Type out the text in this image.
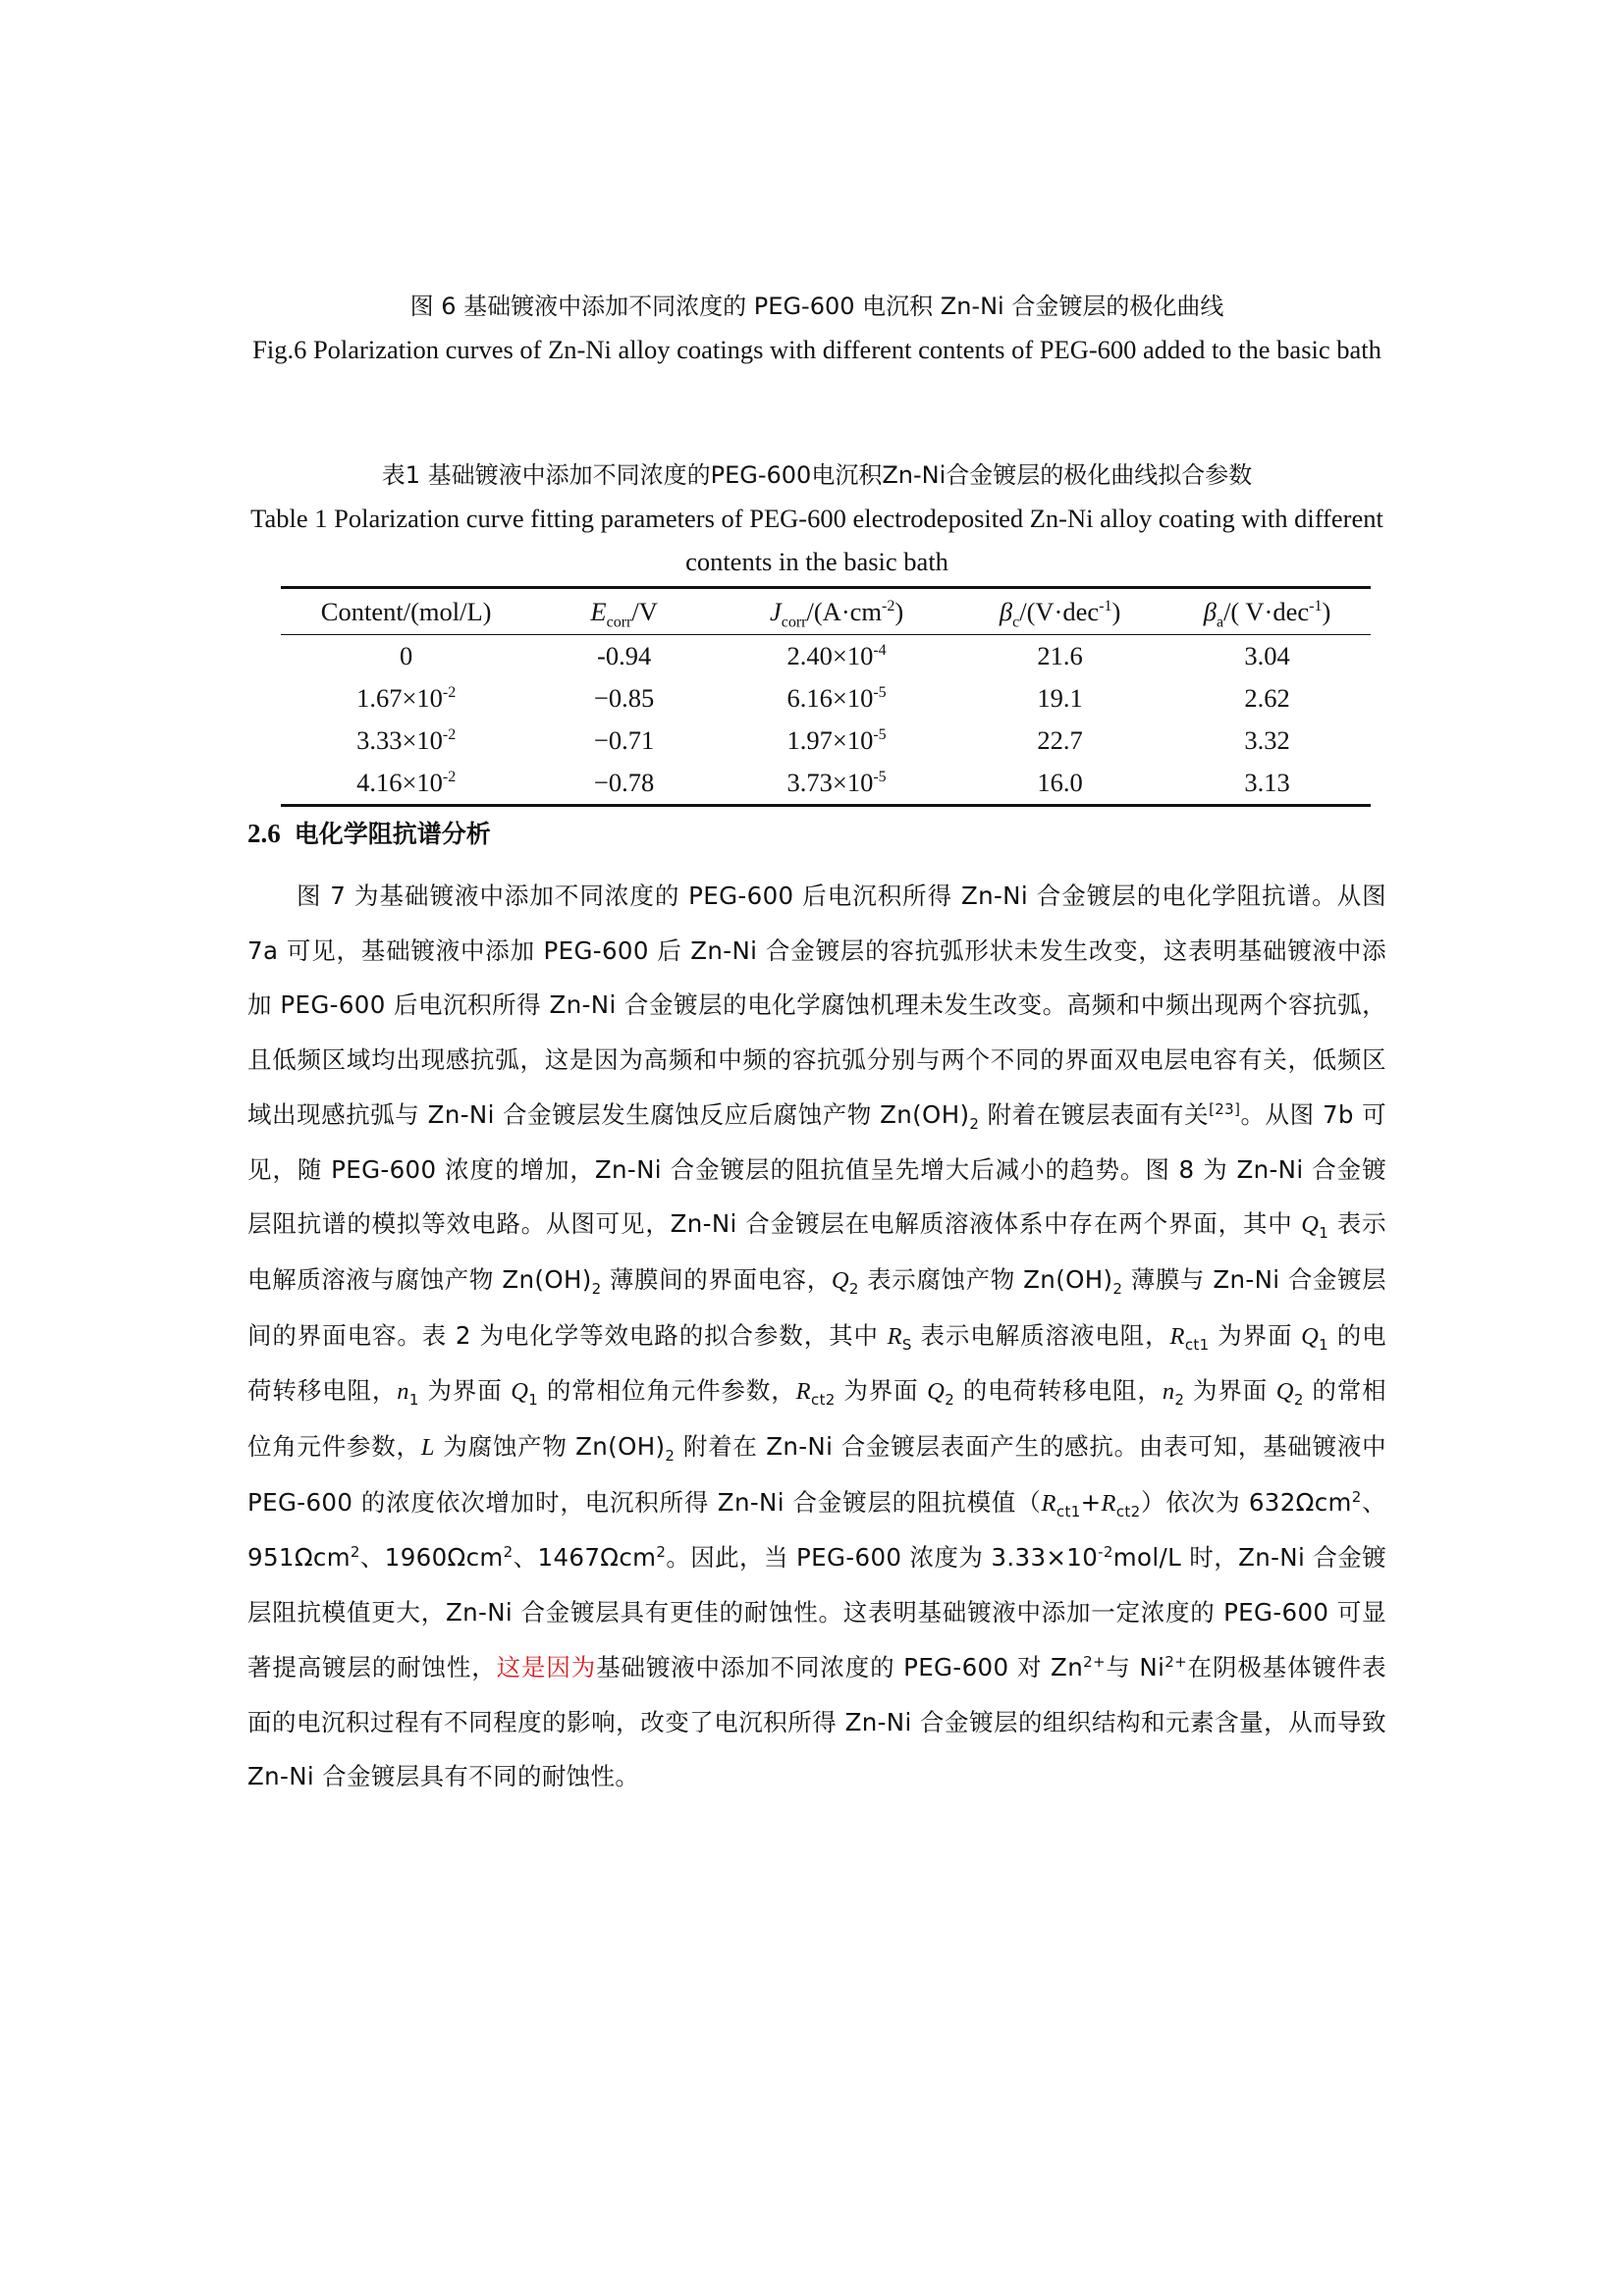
图 6 基础镀液中添加不同浓度的 PEG-600 电沉积 Zn-Ni 合金镀层的极化曲线

Fig.6 Polarization curves of Zn-Ni alloy coatings with different contents of PEG-600 added to the basic bath

表1 基础镀液中添加不同浓度的PEG-600电沉积Zn-Ni合金镀层的极化曲线拟合参数

Table 1 Polarization curve fitting parameters of PEG-600 electrodeposited Zn-Ni alloy coating with different contents in the basic bath

Content/(mol/L)	$E_{corr}/V$	$J_{corr}/(A\cdot cm^{-2})$	$\beta_c/(V\cdot dec^{-1})$	$\beta_a/$( V·dec$^{-1}$)
0	-0.94	$2.40\times 10^{-4}$	21.6	3.04
$1.67\times 10^{-2}$	−0.85	$6.16\times 10^{-5}$	19.1	2.62
$3.33\times 10^{-2}$	−0.71	$1.97\times 10^{-5}$	22.7	3.32
$4.16\times 10^{-2}$	−0.78	$3.73\times 10^{-5}$	16.0	3.13
2.6 电化学阻抗谱分析

图 7 为基础镀液中添加不同浓度的 PEG-600 后电沉积所得 Zn-Ni 合金镀层的电化学阻抗谱。从图 7a 可见，基础镀液中添加 PEG-600 后 Zn-Ni 合金镀层的容抗弧形状未发生改变，这表明基础镀液中添加 PEG-600 后电沉积所得 Zn-Ni 合金镀层的电化学腐蚀机理未发生改变。高频和中频出现两个容抗弧，且低频区域均出现感抗弧，这是因为高频和中频的容抗弧分别与两个不同的界面双电层电容有关，低频区域出现感抗弧与 Zn-Ni 合金镀层发生腐蚀反应后腐蚀产物 $Zn(OH)_2$ 附着在镀层表面有关[23]。从图 7b 可见，随 PEG-600 浓度的增加，Zn-Ni 合金镀层的阻抗值呈先增大后减小的趋势。图 8 为 Zn-Ni 合金镀层阻抗谱的模拟等效电路。从图可见，Zn-Ni 合金镀层在电解质溶液体系中存在两个界面，其中 $Q_1$ 表示电解质溶液与腐蚀产物 $Zn(OH)_2$ 薄膜间的界面电容，$Q_2$ 表示腐蚀产物 $Zn(OH)_2$ 薄膜与 Zn-Ni 合金镀层间的界面电容。表 2 为电化学等效电路的拟合参数，其中 $R_S$ 表示电解质溶液电阻，$R_{ct1}$ 为界面 $Q_1$ 的电荷转移电阻，$n_1$ 为界面 $Q_1$ 的常相位角元件参数，$R_{ct2}$ 为界面 $Q_2$ 的电荷转移电阻，$n_2$ 为界面 $Q_2$ 的常相位角元件参数，L 为腐蚀产物 $Zn(OH)_2$ 附着在 Zn-Ni 合金镀层表面产生的感抗。由表可知，基础镀液中 PEG-600 的浓度依次增加时，电沉积所得 Zn-Ni 合金镀层的阻抗模值$(R_{ct1}+R_{ct2})$依次为 632Ωcm$^2$、951Ωcm$^2$、1960Ωcm$^2$、1467Ωcm$^2$。因此，当 PEG-600 浓度为 $3.33\times 10^{-2}mol/L$ 时，Zn-Ni 合金镀层阻抗模值更大，Zn-Ni 合金镀层具有更佳的耐蚀性。这表明基础镀液中添加一定浓度的 PEG-600 可显著提高镀层的耐蚀性，这是因为基础镀液中添加不同浓度的 PEG-600 对 $Zn^{2+}$与 $Ni^{2+}$在阴极基体镀件表面的电沉积过程有不同程度的影响，改变了电沉积所得 Zn-Ni 合金镀层的组织结构和元素含量，从而导致 Zn-Ni 合金镀层具有不同的耐蚀性。
